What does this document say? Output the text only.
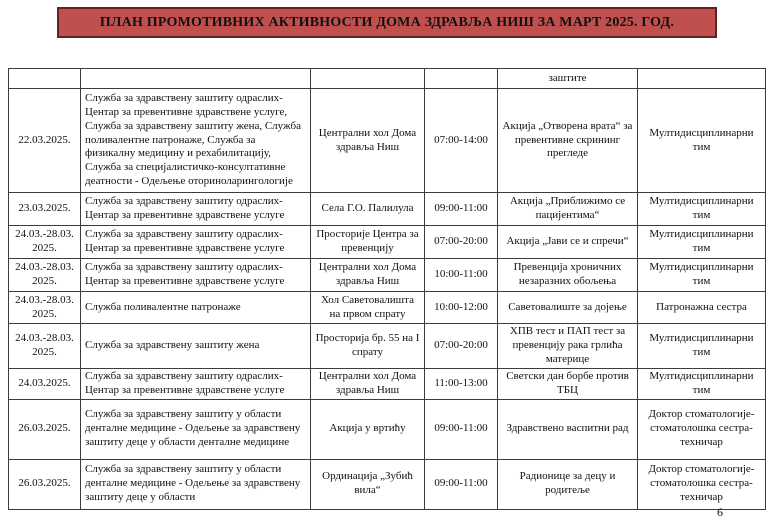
ПЛАН ПРОМОТИВНИХ АКТИВНОСТИ ДОМА ЗДРАВЉА НИШ ЗА МАРТ 2025. ГОД.
				заштите	
22.03.2025.	Служба за здравствену заштиту одраслих-Центар за превентивне здравствене услуге, Служба за здравствену заштиту жена, Служба поливалентне патронаже, Служба за физикалну медицину и рехабилитацију, Служба за специјалистичко-консултативне деатности - Одељење оториноларингологије	Централни хол Дома здравља Ниш	07:00-14:00	Акција „Отворена врата“ за превентивне скрининг прегледе	Мултидисциплинарни тим
23.03.2025.	Служба за здравствену заштиту одраслих-Центар за превентивне здравствене услуге	Села Г.О. Палилула	09:00-11:00	Акција „Приближимо се пацијентима“	Мултидисциплинарни тим
24.03.-28.03. 2025.	Служба за здравствену заштиту одраслих-Центар за превентивне здравствене услуге	Просторије Центра за превенцију	07:00-20:00	Акција „Јави се и спречи“	Мултидисциплинарни тим
24.03.-28.03. 2025.	Служба за здравствену заштиту одраслих-Центар за превентивне здравствене услуге	Централни хол Дома здравља Ниш	10:00-11:00	Превенција хроничних незаразних обољења	Мултидисциплинарни тим
24.03.-28.03. 2025.	Служба поливалентне патронаже	Хол Саветовалишта на првом спрату	10:00-12:00	Саветовалиште за дојење	Патронажна сестра
24.03.-28.03. 2025.	Служба за здравствену заштиту жена	Просторија бр. 55 на I спрату	07:00-20:00	ХПВ тест и ПАП тест за превенцију рака грлића материце	Мултидисциплинарни тим
24.03.2025.	Служба за здравствену заштиту одраслих-Центар за превентивне здравствене услуге	Централни хол Дома здравља Ниш	11:00-13:00	Светски дан борбе против ТБЦ	Мултидисциплинарни тим
26.03.2025.	Служба за здравствену заштиту у области денталне медицине - Одељење за здравствену заштиту деце у области денталне медицине	Акција у вртићу	09:00-11:00	Здравствено васпитни рад	Доктор стоматологије-стоматолошка сестра-техничар
26.03.2025.	Служба за здравствену заштиту у области денталне медицине - Одељење за здравствену заштиту деце у области	Ординација „Зубић вила“	09:00-11:00	Радионице за децу и родитеље	Доктор стоматологије-стоматолошка сестра-техничар
6
